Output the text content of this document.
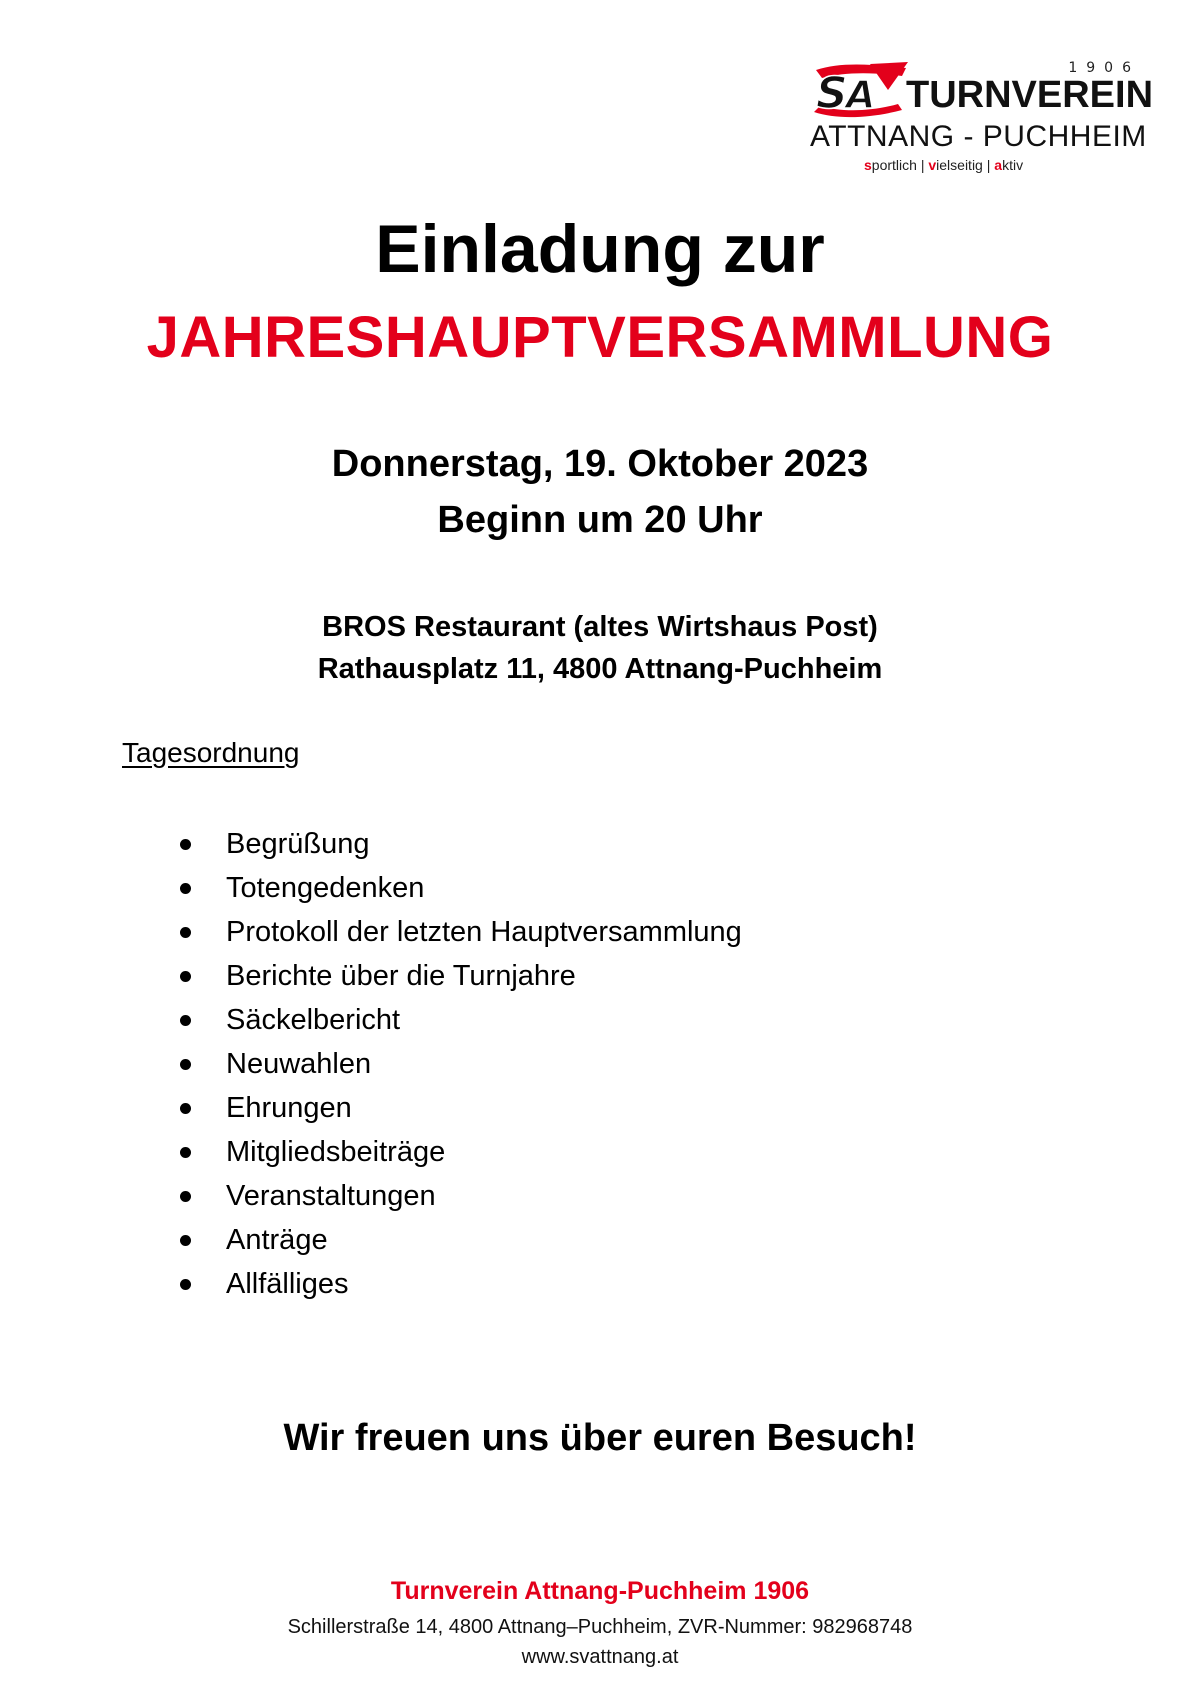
1906
S
A TURNVEREIN
ATTNANG - PUCHHEIM
sportlich | vielseitig | aktiv
Einladung zur
JAHRESHAUPTVERSAMMLUNG
Donnerstag, 19. Oktober 2023
Beginn um 20 Uhr
BROS Restaurant (altes Wirtshaus Post)
Rathausplatz 11, 4800 Attnang-Puchheim
Tagesordnung
Begrüßung
Totengedenken
Protokoll der letzten Hauptversammlung
Berichte über die Turnjahre
Säckelbericht
Neuwahlen
Ehrungen
Mitgliedsbeiträge
Veranstaltungen
Anträge
Allfälliges
Wir freuen uns über euren Besuch!
Turnverein Attnang-Puchheim 1906
Schillerstraße 14, 4800 Attnang–Puchheim, ZVR-Nummer: 982968748
www.svattnang.at
